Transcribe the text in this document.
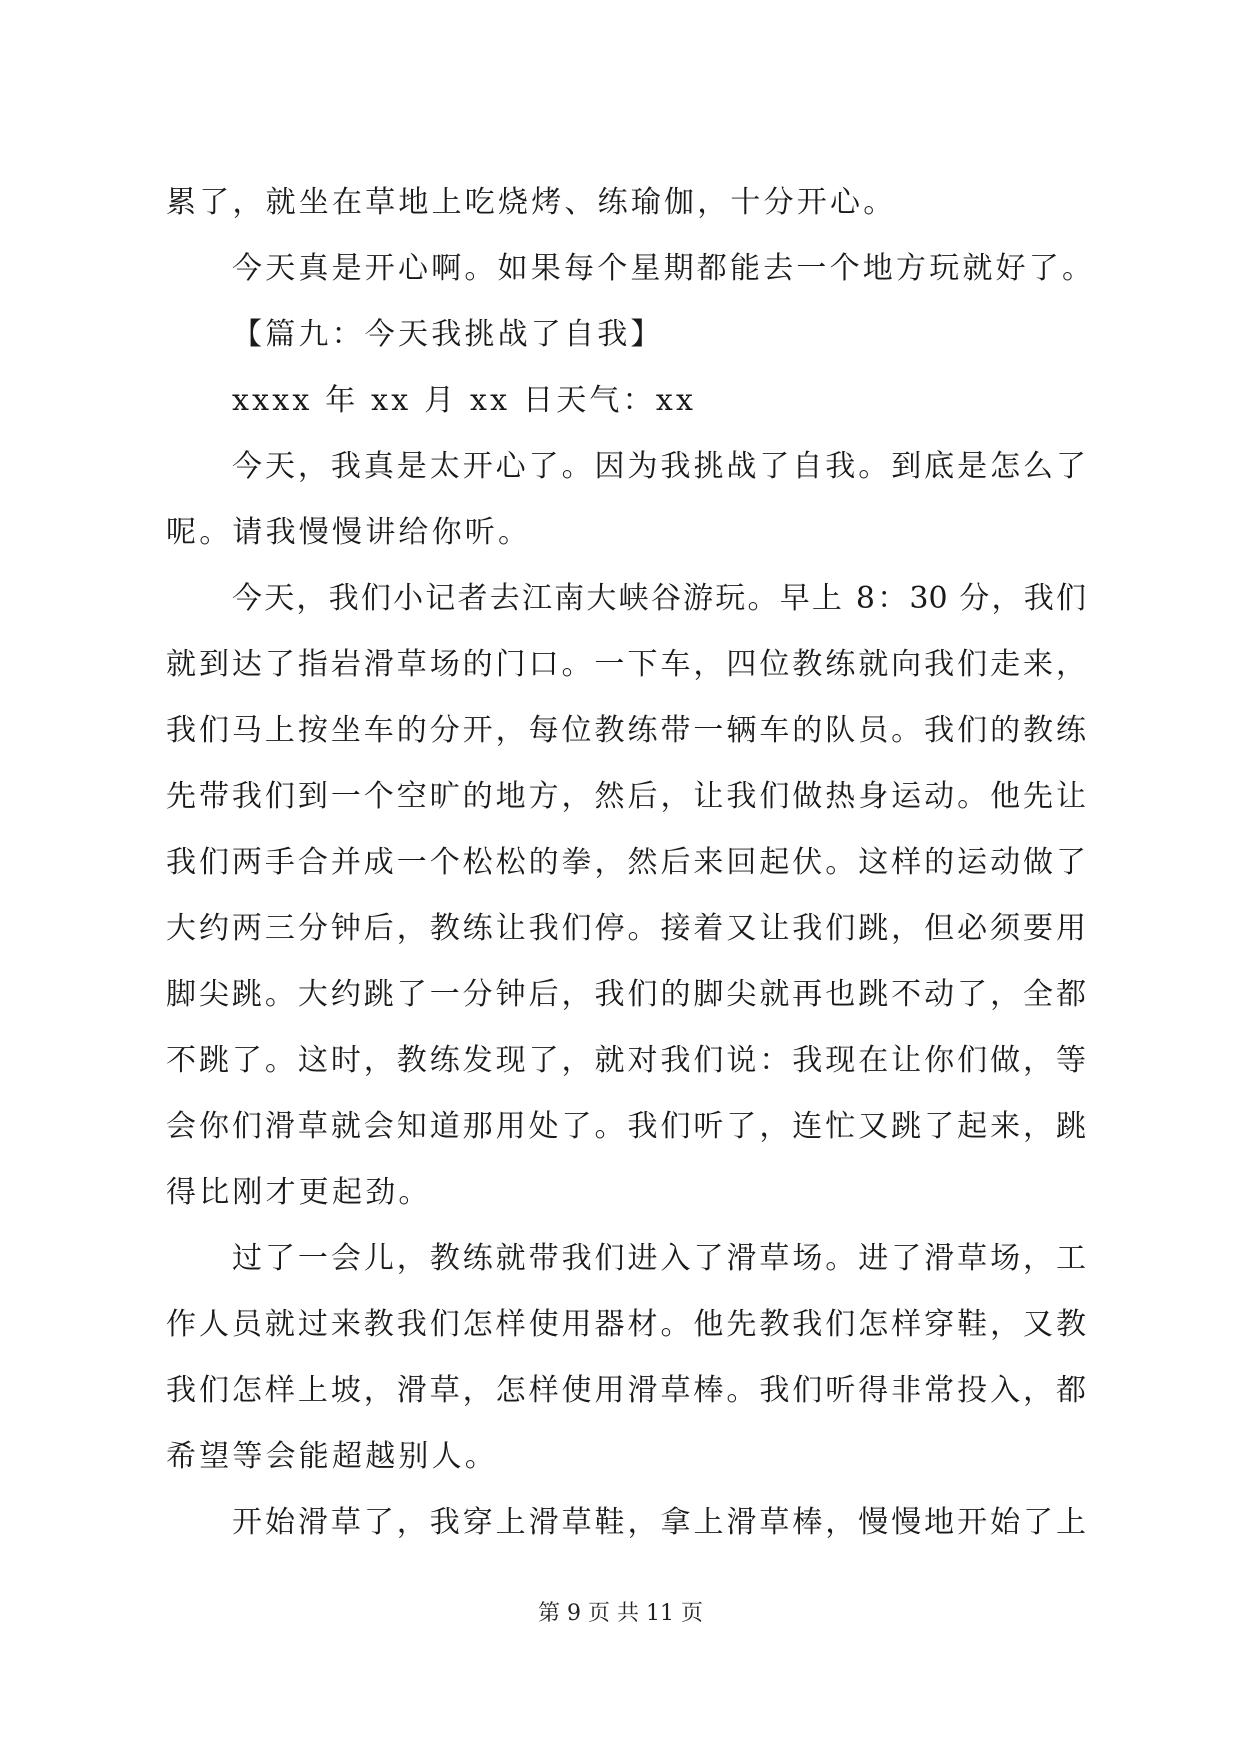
累了，就坐在草地上吃烧烤、练瑜伽，十分开心。
今天真是开心啊。如果每个星期都能去一个地方玩就好了。
【篇九：今天我挑战了自我】
xxxx 年 xx 月 xx 日天气：xx
今天，我真是太开心了。因为我挑战了自我。到底是怎么了
呢。请我慢慢讲给你听。
今天，我们小记者去江南大峡谷游玩。早上 8：30 分，我们
就到达了指岩滑草场的门口。一下车，四位教练就向我们走来，
我们马上按坐车的分开，每位教练带一辆车的队员。我们的教练
先带我们到一个空旷的地方，然后，让我们做热身运动。他先让
我们两手合并成一个松松的拳，然后来回起伏。这样的运动做了
大约两三分钟后，教练让我们停。接着又让我们跳，但必须要用
脚尖跳。大约跳了一分钟后，我们的脚尖就再也跳不动了，全都
不跳了。这时，教练发现了，就对我们说：我现在让你们做，等
会你们滑草就会知道那用处了。我们听了，连忙又跳了起来，跳
得比刚才更起劲。
过了一会儿，教练就带我们进入了滑草场。进了滑草场，工
作人员就过来教我们怎样使用器材。他先教我们怎样穿鞋，又教
我们怎样上坡，滑草，怎样使用滑草棒。我们听得非常投入，都
希望等会能超越别人。
开始滑草了，我穿上滑草鞋，拿上滑草棒，慢慢地开始了上
第 9 页 共 11 页
